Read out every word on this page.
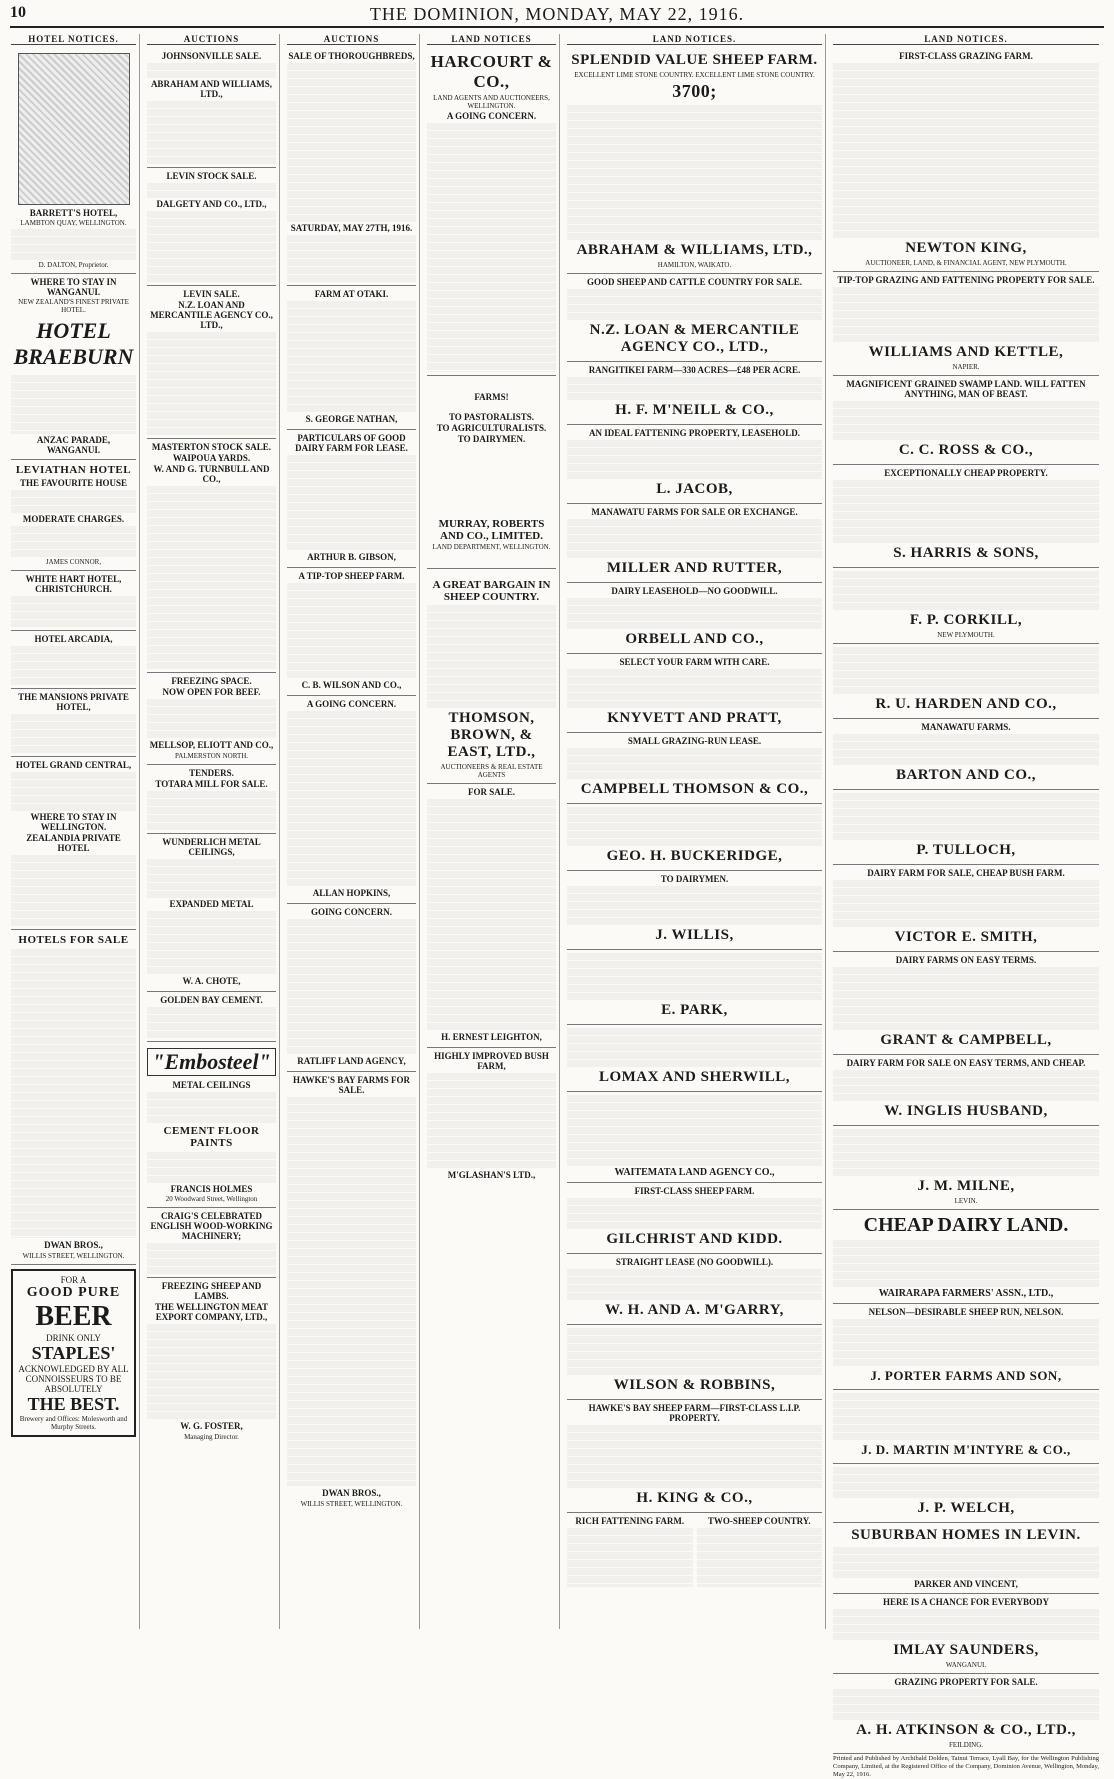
10	THE DOMINION, MONDAY, MAY 22, 1916.
HOTEL NOTICES.
BARRETT'S HOTEL,
LAMBTON QUAY, WELLINGTON.
D. DALTON, Proprietor.
WHERE TO STAY IN WANGANUI.
NEW ZEALAND'S FINEST PRIVATE HOTEL.
HOTEL BRAEBURN
ANZAC PARADE, WANGANUI.
LEVIATHAN HOTEL
THE FAVOURITE HOUSE
MODERATE CHARGES.
JAMES CONNOR,
WHITE HART HOTEL, CHRISTCHURCH.
HOTEL ARCADIA,
THE MANSIONS PRIVATE HOTEL,
HOTEL GRAND CENTRAL,
WHERE TO STAY IN WELLINGTON.
ZEALANDIA PRIVATE HOTEL
HOTELS FOR SALE
DWAN BROS.,
WILLIS STREET, WELLINGTON.
FOR A
GOOD PURE
BEER
DRINK ONLY
STAPLES'
ACKNOWLEDGED BY ALL CONNOISSEURS TO BE ABSOLUTELY
THE BEST.
Brewery and Offices: Molesworth and Murphy Streets.
AUCTIONS
JOHNSONVILLE SALE.
ABRAHAM AND WILLIAMS, LTD.,
LEVIN STOCK SALE.
DALGETY AND CO., LTD.,
LEVIN SALE.
N.Z. LOAN AND MERCANTILE AGENCY CO., LTD.,
MASTERTON STOCK SALE.
WAIPOUA YARDS.
W. AND G. TURNBULL AND CO.,
FREEZING SPACE.
NOW OPEN FOR BEEF.
MELLSOP, ELIOTT AND CO.,
PALMERSTON NORTH.
TENDERS.
TOTARA MILL FOR SALE.
WUNDERLICH METAL CEILINGS,
EXPANDED METAL
W. A. CHOTE,
GOLDEN BAY CEMENT.
"Embosteel"
METAL CEILINGS
CEMENT FLOOR PAINTS
FRANCIS HOLMES
20 Woodward Street, Wellington
CRAIG'S CELEBRATED ENGLISH WOOD-WORKING MACHINERY;
FREEZING SHEEP AND LAMBS.
THE WELLINGTON MEAT EXPORT COMPANY, LTD.,
W. G. FOSTER,
Managing Director.
AUCTIONS
SALE OF THOROUGHBREDS,
SATURDAY, MAY 27TH, 1916.
FARM AT OTAKI.
S. GEORGE NATHAN,
PARTICULARS OF GOOD DAIRY FARM FOR LEASE.
ARTHUR B. GIBSON,
A TIP-TOP SHEEP FARM.
C. B. WILSON AND CO.,
A GOING CONCERN.
ALLAN HOPKINS,
GOING CONCERN.
RATLIFF LAND AGENCY,
HAWKE'S BAY FARMS FOR SALE.
DWAN BROS.,
WILLIS STREET, WELLINGTON.
LAND NOTICES
HARCOURT & CO.,
LAND AGENTS AND AUCTIONEERS, WELLINGTON.
A GOING CONCERN.
FARMS!
TO PASTORALISTS.
TO AGRICULTURALISTS.
TO DAIRYMEN.
MURRAY, ROBERTS AND CO., LIMITED.
LAND DEPARTMENT, WELLINGTON.
A GREAT BARGAIN IN SHEEP COUNTRY.
THOMSON, BROWN, & EAST, LTD.,
AUCTIONEERS & REAL ESTATE AGENTS
FOR SALE.
H. ERNEST LEIGHTON,
HIGHLY IMPROVED BUSH FARM,
M'GLASHAN'S LTD.,
LAND NOTICES.
SPLENDID VALUE SHEEP FARM.
EXCELLENT LIME STONE COUNTRY. EXCELLENT LIME STONE COUNTRY.
3700;
ABRAHAM & WILLIAMS, LTD.,
HAMILTON, WAIKATO.
GOOD SHEEP AND CATTLE COUNTRY FOR SALE.
N.Z. LOAN & MERCANTILE AGENCY CO., LTD.,
RANGITIKEI FARM—330 ACRES—£48 PER ACRE.
H. F. M'NEILL & CO.,
AN IDEAL FATTENING PROPERTY, LEASEHOLD.
L. JACOB,
MANAWATU FARMS FOR SALE OR EXCHANGE.
MILLER AND RUTTER,
DAIRY LEASEHOLD—NO GOODWILL.
ORBELL AND CO.,
SELECT YOUR FARM WITH CARE.
KNYVETT AND PRATT,
SMALL GRAZING-RUN LEASE.
CAMPBELL THOMSON & CO.,
GEO. H. BUCKERIDGE,
TO DAIRYMEN.
J. WILLIS,
E. PARK,
LOMAX AND SHERWILL,
WAITEMATA LAND AGENCY CO.,
FIRST-CLASS SHEEP FARM.
GILCHRIST AND KIDD.
STRAIGHT LEASE (NO GOODWILL).
W. H. AND A. M'GARRY,
WILSON & ROBBINS,
HAWKE'S BAY SHEEP FARM—FIRST-CLASS L.I.P. PROPERTY.
H. KING & CO.,
RICH FATTENING FARM.	TWO-SHEEP COUNTRY.
LAND NOTICES.
FIRST-CLASS GRAZING FARM.
NEWTON KING,
AUCTIONEER, LAND, & FINANCIAL AGENT, NEW PLYMOUTH.
TIP-TOP GRAZING AND FATTENING PROPERTY FOR SALE.
WILLIAMS AND KETTLE,
NAPIER.
MAGNIFICENT GRAINED SWAMP LAND. WILL FATTEN ANYTHING, MAN OF BEAST.
C. C. ROSS & CO.,
EXCEPTIONALLY CHEAP PROPERTY.
S. HARRIS & SONS,
F. P. CORKILL,
NEW PLYMOUTH.
R. U. HARDEN AND CO.,
MANAWATU FARMS.
BARTON AND CO.,
P. TULLOCH,
DAIRY FARM FOR SALE, CHEAP BUSH FARM.
VICTOR E. SMITH,
DAIRY FARMS ON EASY TERMS.
GRANT & CAMPBELL,
DAIRY FARM FOR SALE ON EASY TERMS, AND CHEAP.
W. INGLIS HUSBAND,
J. M. MILNE,
LEVIN.
CHEAP DAIRY LAND.
WAIRARAPA FARMERS' ASSN., LTD.,
NELSON—DESIRABLE SHEEP RUN, NELSON.
J. PORTER FARMS AND SON,
J. D. MARTIN M'INTYRE & CO.,
J. P. WELCH,
SUBURBAN HOMES IN LEVIN.
PARKER AND VINCENT,
HERE IS A CHANCE FOR EVERYBODY
IMLAY SAUNDERS,
WANGANUI.
GRAZING PROPERTY FOR SALE.
A. H. ATKINSON & CO., LTD.,
FEILDING.
Printed and Published by Archibald Dolden, Tainui Terrace, Lyall Bay, for the Wellington Publishing Company, Limited, at the Registered Office of the Company, Dominion Avenue, Wellington, Monday, May 22, 1916.
